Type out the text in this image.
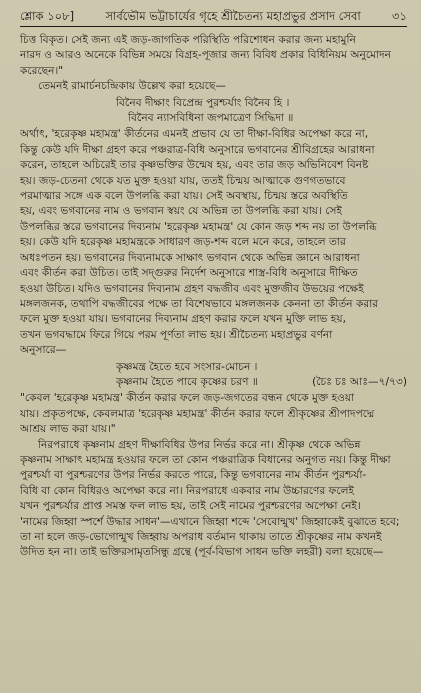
শ্লোক ১০৮]	সার্বভৌম ভট্টাচার্যের গৃহে শ্রীচৈতন্য মহাপ্রভুর প্রসাদ সেবা	৩১

চিত্ত বিকৃত। সেই জন্য এই জড়-জাগতিক পরিস্থিতি পরিশোধন করার জন্য মহামুনি
নারদ ও আরও অনেকে বিভিন্ন সময়ে বিগ্রহ-পূজার জন্য বিবিধ প্রকার বিধিনিয়ম অনুমোদন
করেছেন।"

তেমনই রামার্চনচন্দ্রিকায় উল্লেখ করা হয়েছে—

বিনৈব দীক্ষাং বিপ্রেন্দ্র পুরশ্চর্যাং বিনৈব হি ।
বিনৈব ন্যাসবিধিনা জপমাত্রেণ সিদ্ধিদা ॥

অর্থাৎ, 'হরেকৃষ্ণ মহামন্ত্র' কীর্তনের এমনই প্রভাব যে তা দীক্ষা-বিধির অপেক্ষা করে না,
কিন্তু কেউ যদি দীক্ষা গ্রহণ করে পঞ্চরাত্র-বিধি অনুসারে ভগবানের শ্রীবিগ্রহের আরাধনা
করেন, তাহলে অচিরেই তার কৃষ্ণভক্তির উন্মেষ হয়, এবং তার জড় অভিনিবেশ বিনষ্ট
হয়। জড়-চেতনা থেকে যত মুক্ত হওয়া যায়, ততই চিন্ময় আত্মাকে গুণগতভাবে
পরমাত্মার সঙ্গে এক বলে উপলব্ধি করা যায়। সেই অবস্থায়, চিন্ময় স্তরে অবস্থিতি
হয়, এবং ভগবানের নাম ও ভগবান স্বয়ং যে অভিন্ন তা উপলব্ধি করা যায়। সেই
উপলব্ধির স্তরে ভগবানের দিব্যনাম 'হরেকৃষ্ণ মহামন্ত্র' যে কোন জড় শব্দ নয় তা উপলব্ধি
হয়। কেউ যদি হরেকৃষ্ণ মহামন্ত্রকে সাধারণ জড়-শব্দ বলে মনে করে, তাহলে তার
অধঃপতন হয়। ভগবানের দিব্যনামকে সাক্ষাৎ ভগবান থেকে অভিন্ন জ্ঞানে আরাধনা
এবং কীর্তন করা উচিত। তাই সদ্গুরুর নির্দেশ অনুসারে শাস্ত্র-বিধি অনুসারে দীক্ষিত
হওয়া উচিত। যদিও ভগবানের দিব্যনাম গ্রহণ বদ্ধজীব এবং মুক্তজীব উভয়ের পক্ষেই
মঙ্গলজনক, তথাপি বদ্ধজীবের পক্ষে তা বিশেষভাবে মঙ্গলজনক কেননা তা কীর্তন করার
ফলে মুক্ত হওয়া যায়। ভগবানের দিব্যনাম গ্রহণ করার ফলে যখন মুক্তি লাভ হয়,
তখন ভগবদ্ধামে ফিরে গিয়ে পরম পূর্ণতা লাভ হয়। শ্রীচৈতন্য মহাপ্রভুর বর্ণনা
অনুসারে—

কৃষ্ণমন্ত্র হৈতে হবে সংসার-মোচন ।
কৃষ্ণনাম হৈতে পাবে কৃষ্ণের চরণ ॥	(চৈঃ চঃ আঃ—৭/৭৩)

"কেবল 'হরেকৃষ্ণ মহামন্ত্র' কীর্তন করার ফলে জড়-জগতের বন্ধন থেকে মুক্ত হওয়া
যায়। প্রকৃতপক্ষে, কেবলমাত্র 'হরেকৃষ্ণ মহামন্ত্র' কীর্তন করার ফলে শ্রীকৃষ্ণের শ্রীপাদপদ্মে
আশ্রয় লাভ করা যায়।"

নিরপরাধে কৃষ্ণনাম গ্রহণ দীক্ষাবিধির উপর নির্ভর করে না। শ্রীকৃষ্ণ থেকে অভিন্ন
কৃষ্ণনাম সাক্ষাৎ মহামন্ত্র হওয়ার ফলে তা কোন পঞ্চরাত্রিক বিধানের অনুগত নয়। কিন্তু দীক্ষা
পুরশ্চর্যা বা পুরশ্চরণের উপর নির্ভর করতে পারে, কিন্তু ভগবানের নাম কীর্তন পুরশ্চর্যা-
বিধি বা কোন বিধিরও অপেক্ষা করে না। নিরপরাধে একবার নাম উচ্চারণের ফলেই
যখন পুরশ্চর্যার প্রাপ্ত সমস্ত ফল লাভ হয়, তাই সেই নামের পুরশ্চরণের অপেক্ষা নেই।
'নামের জিহ্বা স্পর্শে উদ্ধার সাধন'—এখানে জিহ্বা শব্দে 'সেবোন্মুখ' জিহ্বাকেই বুঝাতে হবে;
তা না হলে জড়-ভোগোন্মুখ জিহ্বায় অপরাধ বর্তমান থাকায় তাতে শ্রীকৃষ্ণের নাম কখনই
উদিত হন না। তাই ভক্তিরসামৃতসিন্ধু গ্রন্থে (পূর্ব-বিভাগ সাধন ভক্তি লহরী) বলা হয়েছে—
